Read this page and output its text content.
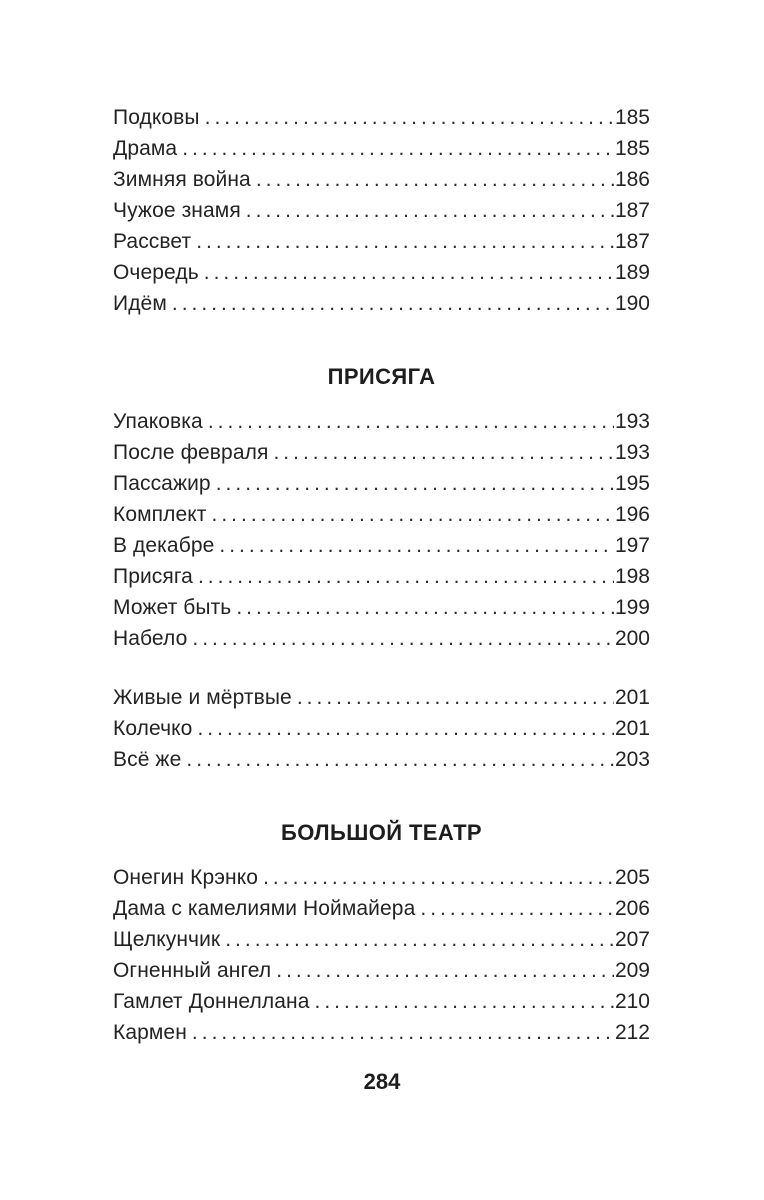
Подковы .....	185
Драма .....	185
Зимняя война .....	186
Чужое знамя .....	187
Рассвет .....	187
Очередь .....	189
Идём .....	190
ПРИСЯГА
Упаковка .....	193
После февраля .....	193
Пассажир .....	195
Комплект .....	196
В декабре .....	197
Присяга .....	198
Может быть .....	199
Набело .....	200
Живые и мёртвые .....	201
Колечко .....	201
Всё же .....	203
БОЛЬШОЙ ТЕАТР
Онегин Крэнко .....	205
Дама с камелиями Ноймайера .....	206
Щелкунчик .....	207
Огненный ангел .....	209
Гамлет Доннеллана .....	210
Кармен .....	212
284
